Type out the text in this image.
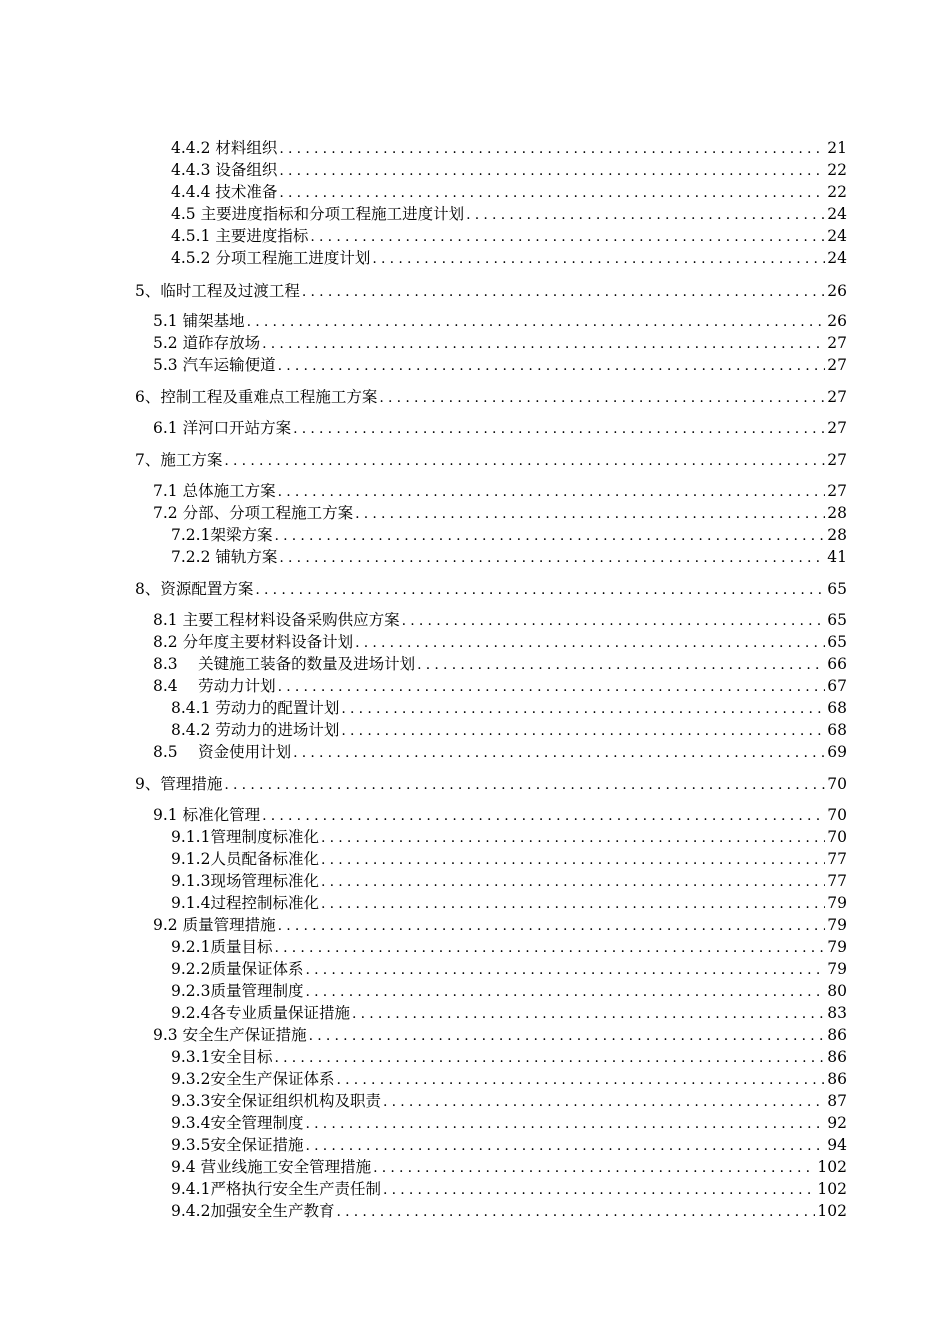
4.4.2 材料组织 .....	21
4.4.3 设备组织 .....	22
4.4.4 技术准备 .....	22
4.5 主要进度指标和分项工程施工进度计划 .....	24
4.5.1 主要进度指标 .....	24
4.5.2 分项工程施工进度计划 .....	24
5、临时工程及过渡工程 .....	26
5.1 铺架基地 .....	26
5.2 道砟存放场 .....	27
5.3 汽车运输便道 .....	27
6、控制工程及重难点工程施工方案 .....	27
6.1 洋河口开站方案 .....	27
7、施工方案 .....	27
7.1 总体施工方案 .....	27
7.2 分部、分项工程施工方案 .....	28
7.2.1架梁方案 .....	28
7.2.2 铺轨方案 .....	41
8、资源配置方案 .....	65
8.1 主要工程材料设备采购供应方案 .....	65
8.2 分年度主要材料设备计划 .....	65
8.3　 关键施工装备的数量及进场计划 .....	66
8.4　 劳动力计划 .....	67
8.4.1 劳动力的配置计划 .....	68
8.4.2 劳动力的进场计划 .....	68
8.5　 资金使用计划 .....	69
9、管理措施 .....	70
9.1 标准化管理 .....	70
9.1.1管理制度标准化 .....	70
9.1.2人员配备标准化 .....	77
9.1.3现场管理标准化 .....	77
9.1.4过程控制标准化 .....	79
9.2 质量管理措施 .....	79
9.2.1质量目标 .....	79
9.2.2质量保证体系 .....	79
9.2.3质量管理制度 .....	80
9.2.4各专业质量保证措施 .....	83
9.3 安全生产保证措施 .....	86
9.3.1安全目标 .....	86
9.3.2安全生产保证体系 .....	86
9.3.3安全保证组织机构及职责 .....	87
9.3.4安全管理制度 .....	92
9.3.5安全保证措施 .....	94
9.4 营业线施工安全管理措施 .....	102
9.4.1严格执行安全生产责任制 .....	102
9.4.2加强安全生产教育 .....	102
